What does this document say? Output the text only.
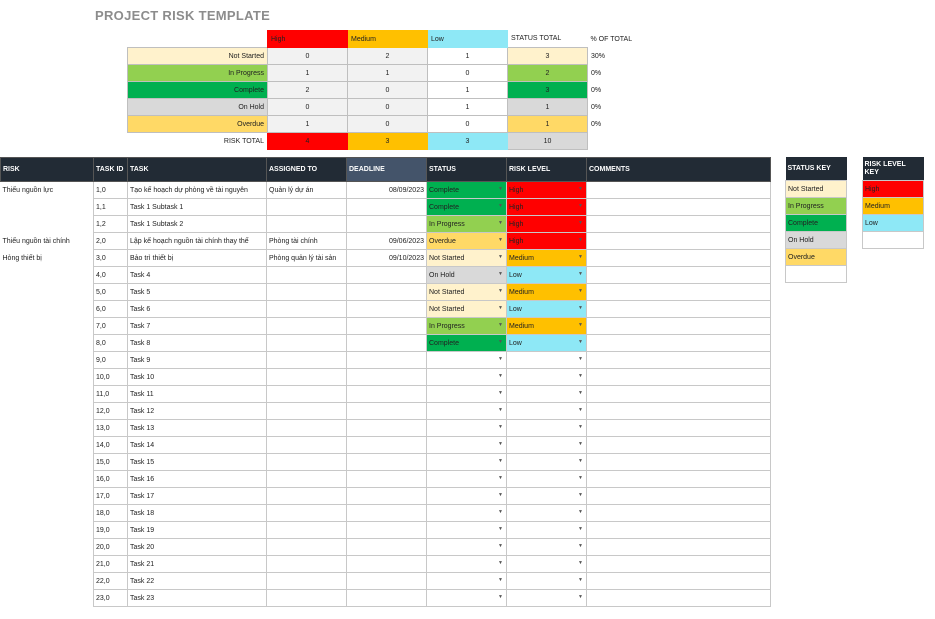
PROJECT RISK TEMPLATE
	High	Medium	Low	STATUS TOTAL	% OF TOTAL
Not Started	0	2	1	3	30%
In Progress	1	1	0	2	0%
Complete	2	0	1	3	0%
On Hold	0	0	1	1	0%
Overdue	1	0	0	1	0%
RISK TOTAL	4	3	3	10	
RISK	TASK ID	TASK	ASSIGNED TO	DEADLINE	STATUS	RISK LEVEL	COMMENTS
Thiếu nguồn lực	1,0	Tạo kế hoạch dự phòng về tài nguyên	Quản lý dự án	08/09/2023	Complete ▼	High ▼	

	1,1	Task 1 Subtask 1			Complete ▼	High ▼	

	1,2	Task 1 Subtask 2			In Progress ▼	High ▼	

Thiếu nguồn tài chính	2,0	Lập kế hoạch nguồn tài chính thay thế	Phòng tài chính	09/06/2023	Overdue ▼	High ▼	

Hỏng thiết bị	3,0	Bảo trì thiết bị	Phòng quản lý tài sản	09/10/2023	Not Started ▼	Medium ▼	

	4,0	Task 4			On Hold ▼	Low ▼	

	5,0	Task 5			Not Started ▼	Medium ▼	

	6,0	Task 6			Not Started ▼	Low ▼	

	7,0	Task 7			In Progress ▼	Medium ▼	

	8,0	Task 8			Complete ▼	Low ▼	

	9,0	Task 9			▼	▼	

	10,0	Task 10			▼	▼	

	11,0	Task 11			▼	▼	

	12,0	Task 12			▼	▼	

	13,0	Task 13			▼	▼	

	14,0	Task 14			▼	▼	

	15,0	Task 15			▼	▼	

	16,0	Task 16			▼	▼	

	17,0	Task 17			▼	▼	

	18,0	Task 18			▼	▼	

	19,0	Task 19			▼	▼	

	20,0	Task 20			▼	▼	

	21,0	Task 21			▼	▼	

	22,0	Task 22			▼	▼	

	23,0	Task 23			▼	▼	

STATUS KEY
Not Started
In Progress
Complete
On Hold
Overdue

RISK LEVEL KEY
High
Medium
Low
